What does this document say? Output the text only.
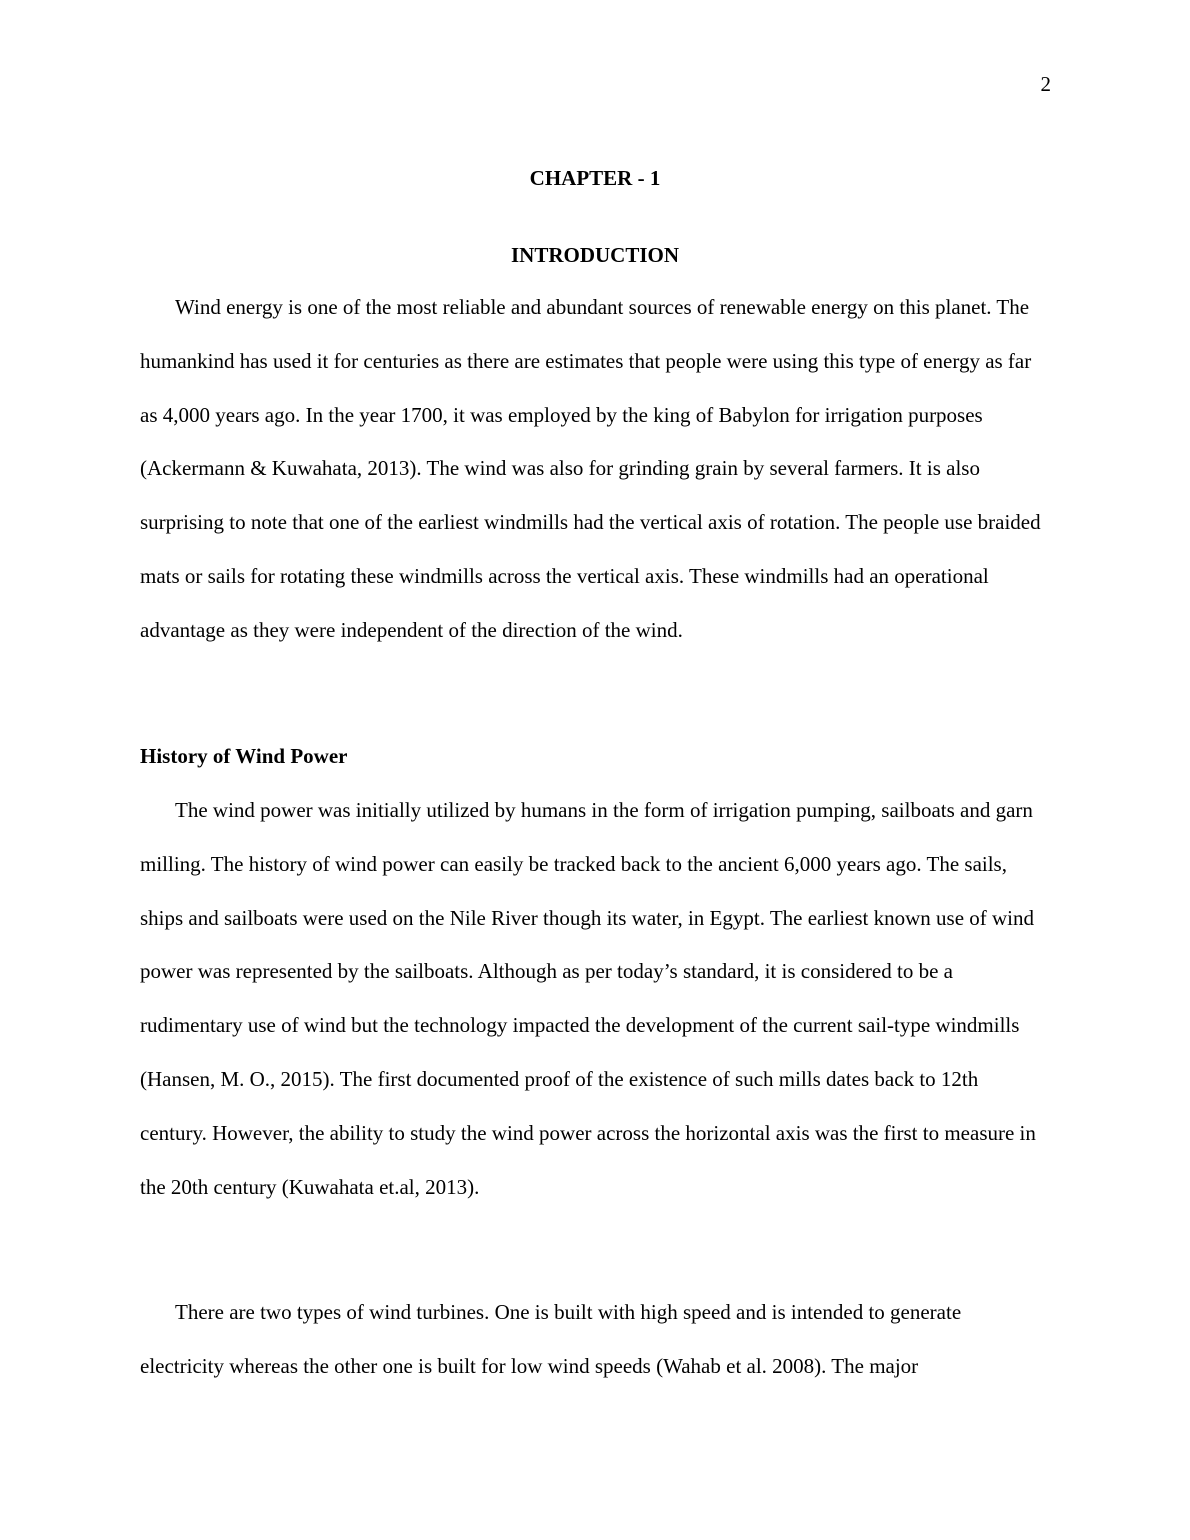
2
CHAPTER - 1
INTRODUCTION

Wind energy is one of the most reliable and abundant sources of renewable energy on this planet. The humankind has used it for centuries as there are estimates that people were using this type of energy as far as 4,000 years ago. In the year 1700, it was employed by the king of Babylon for irrigation purposes (Ackermann & Kuwahata, 2013). The wind was also for grinding grain by several farmers. It is also surprising to note that one of the earliest windmills had the vertical axis of rotation. The people use braided mats or sails for rotating these windmills across the vertical axis. These windmills had an operational advantage as they were independent of the direction of the wind.

History of Wind Power

The wind power was initially utilized by humans in the form of irrigation pumping, sailboats and garn milling. The history of wind power can easily be tracked back to the ancient 6,000 years ago. The sails, ships and sailboats were used on the Nile River though its water, in Egypt. The earliest known use of wind power was represented by the sailboats. Although as per today’s standard, it is considered to be a rudimentary use of wind but the technology impacted the development of the current sail-type windmills (Hansen, M. O., 2015). The first documented proof of the existence of such mills dates back to 12th century. However, the ability to study the wind power across the horizontal axis was the first to measure in the 20th century (Kuwahata et.al, 2013).

There are two types of wind turbines. One is built with high speed and is intended to generate electricity whereas the other one is built for low wind speeds (Wahab et al. 2008). The major
